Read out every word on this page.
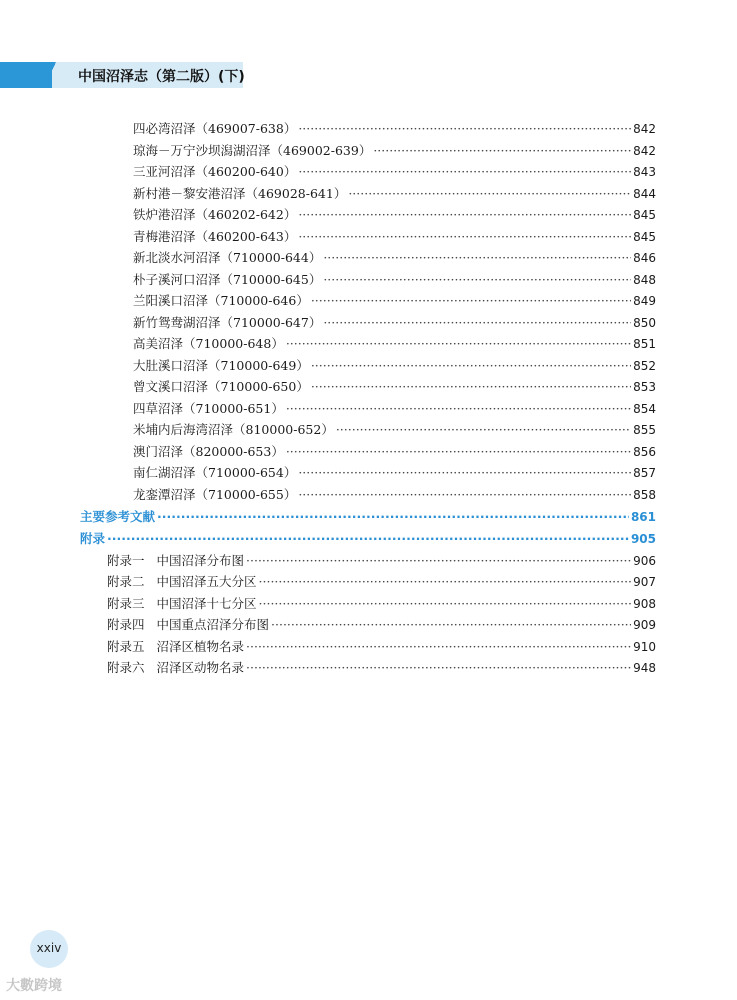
中国沼泽志（第二版）(下)
四必湾沼泽 （469007-638） ·····	842
琼海－万宁沙坝潟湖沼泽 （469002-639） ·····	842
三亚河沼泽 （460200-640） ·····	843
新村港－黎安港沼泽 （469028-641） ·····	844
铁炉港沼泽 （460202-642） ·····	845
青梅港沼泽 （460200-643） ·····	845
新北淡水河沼泽 （710000-644） ·····	846
朴子溪河口沼泽 （710000-645） ·····	848
兰阳溪口沼泽 （710000-646） ·····	849
新竹鸳鸯湖沼泽 （710000-647） ·····	850
高美沼泽 （710000-648） ·····	851
大肚溪口沼泽 （710000-649） ·····	852
曾文溪口沼泽 （710000-650） ·····	853
四草沼泽 （710000-651） ·····	854
米埔内后海湾沼泽 （810000-652） ·····	855
澳门沼泽 （820000-653） ·····	856
南仁湖沼泽 （710000-654） ·····	857
龙銮潭沼泽 （710000-655） ·····	858
主要参考文献 ·····	861
附录 ·····	905
附录一 中国沼泽分布图 ·····	906
附录二 中国沼泽五大分区 ·····	907
附录三 中国沼泽十七分区 ·····	908
附录四 中国重点沼泽分布图 ·····	909
附录五 沼泽区植物名录 ·····	910
附录六 沼泽区动物名录 ·····	948
xxiv
大數跨境
